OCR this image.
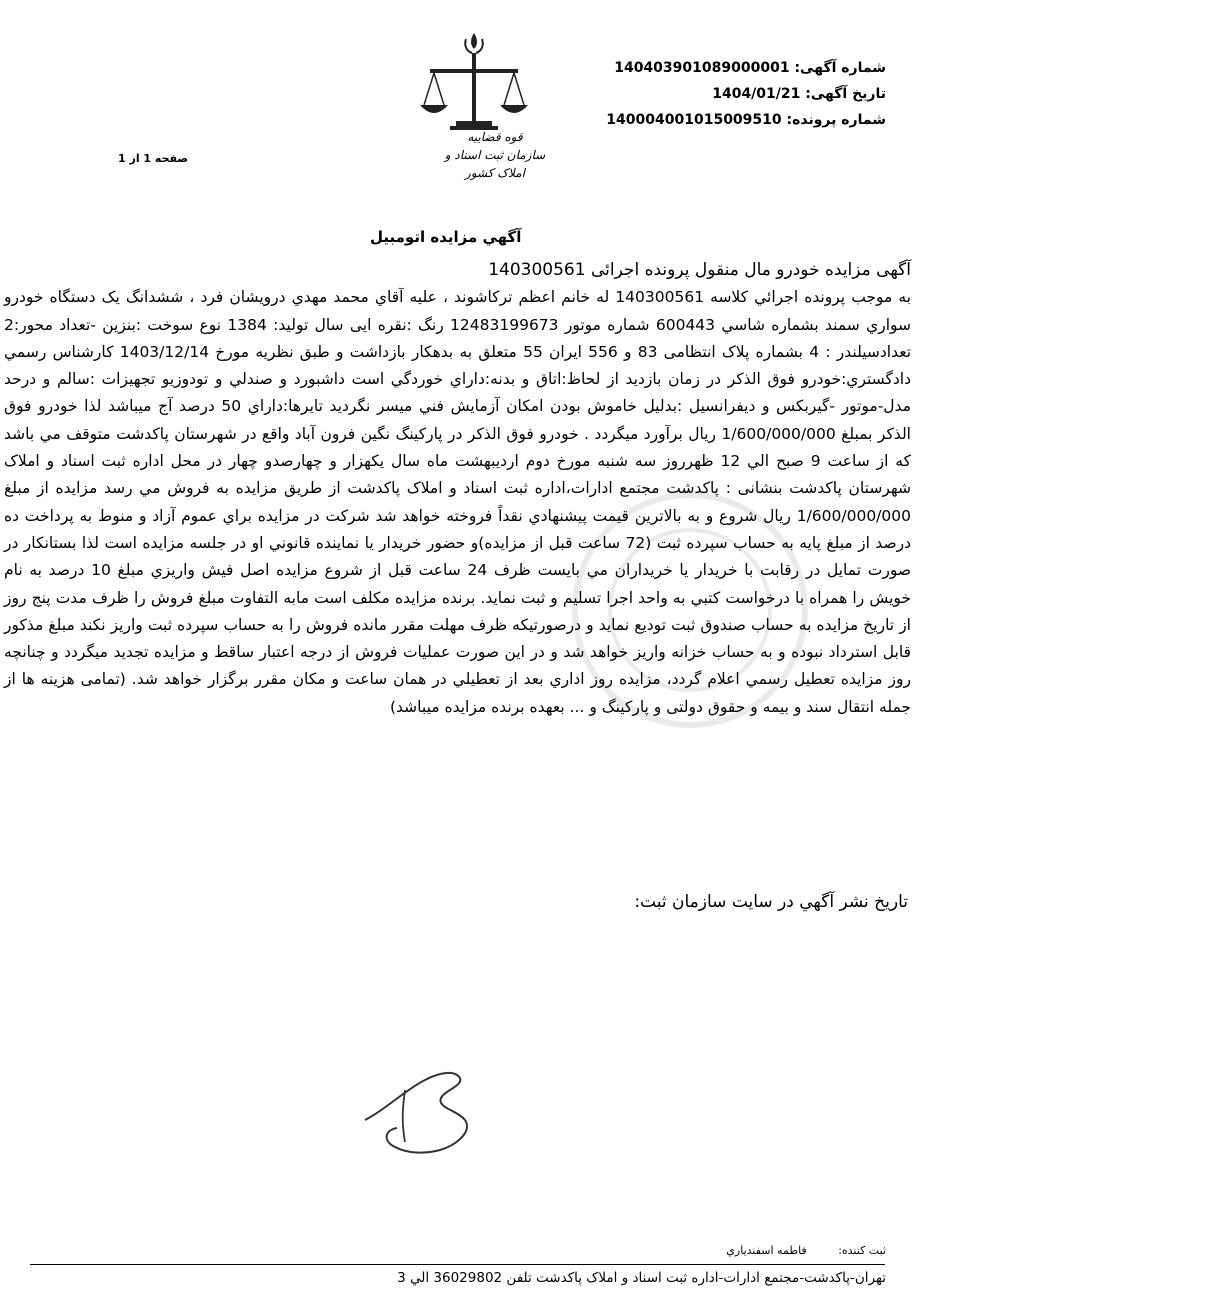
قوه قضاییه
سازمان ثبت اسناد و املاک کشور
شماره آگهی: 140403901089000001
تاریخ آگهی: 1404/01/21
شماره پرونده: 140004001015009510
صفحه 1 از 1
آگهي مزايده اتومبيل

آگهی مزایده خودرو مال منقول پرونده اجرائی 140300561

به موجب پرونده اجرائي كلاسه 140300561 له خانم اعظم تركاشوند ، عليه آقاي محمد مهدي درويشان فرد ، ششدانگ يک دستگاه خودرو سواري سمند بشماره شاسي 600443 شماره موتور 12483199673 رنگ :نقره ایی سال توليد: 1384 نوع سوخت :بنزین -تعداد محور:2 تعدادسیلندر : 4 بشماره پلاک انتظامی 83 و 556 ایران 55 متعلق به بدهكار بازداشت و طبق نظريه مورخ 1403/12/14 كارشناس رسمي دادگستري:خودرو فوق الذكر در زمان بازديد از لحاظ:اتاق و بدنه:داراي خوردگي است داشبورد و صندلي و تودوزيو تجهيزات :سالم و درحد مدل-موتور -گيربكس و ديفرانسيل :بدليل خاموش بودن امكان آزمايش فني ميسر نگرديد تايرها:داراي 50 درصد آج ميباشد لذا خودرو فوق الذكر بمبلغ 1/600/000/000 ريال برآورد ميگردد . خودرو فوق الذکر در پارکینگ نگین فرون آباد واقع در شهرستان پاکدشت متوقف مي باشد که از ساعت 9 صبح الي 12 ظهرروز سه شنبه مورخ دوم ارديبهشت ماه سال يكهزار و چهارصدو چهار در محل اداره ثبت اسناد و املاک شهرستان پاکدشت بنشانی : پاکدشت مجتمع ادارات،اداره ثبت اسناد و املاک پاکدشت از طريق مزايده به فروش مي رسد مزايده از مبلغ 1/600/000/000 ريال شروع و به بالاترين قيمت پيشنهادي نقداً فروخته خواهد شد شركت در مزايده براي عموم آزاد و منوط به پرداخت ده درصد از مبلغ پايه به حساب سپرده ثبت (72 ساعت قبل از مزايده)و حضور خريدار يا نماينده قانوني او در جلسه مزايده است لذا بستانکار در صورت تمايل در رقابت با خريدار يا خريداران مي بايست ظرف 24 ساعت قبل از شروع مزايده اصل فيش واريزي مبلغ 10 درصد به نام خويش را همراه با درخواست کتبي به واحد اجرا تسليم و ثبت نمايد. برنده مزايده مكلف است مابه التفاوت مبلغ فروش را ظرف مدت پنج روز از تاريخ مزايده به حساب صندوق ثبت توديع نمايد و درصورتيكه ظرف مهلت مقرر مانده فروش را به حساب سپرده ثبت واريز نكند مبلغ مذكور قابل استرداد نبوده و به حساب خزانه واريز خواهد شد و در اين صورت عمليات فروش از درجه اعتبار ساقط و مزايده تجديد ميگردد و چنانچه روز مزايده تعطيل رسمي اعلام گردد، مزايده روز اداري بعد از تعطيلي در همان ساعت و مكان مقرر برگزار خواهد شد. (تمامی هزینه ها از جمله انتقال سند و بیمه و حقوق دولتی و پارکینگ و ... بعهده برنده مزایده میباشد)

تاريخ نشر آگهي در سايت سازمان ثبت:
ثبت كننده: فاطمه اسفندياري
تهران-پاکدشت-مجتمع ادارات-اداره ثبت اسناد و املاک پاکدشت تلفن 36029802 الي 3
